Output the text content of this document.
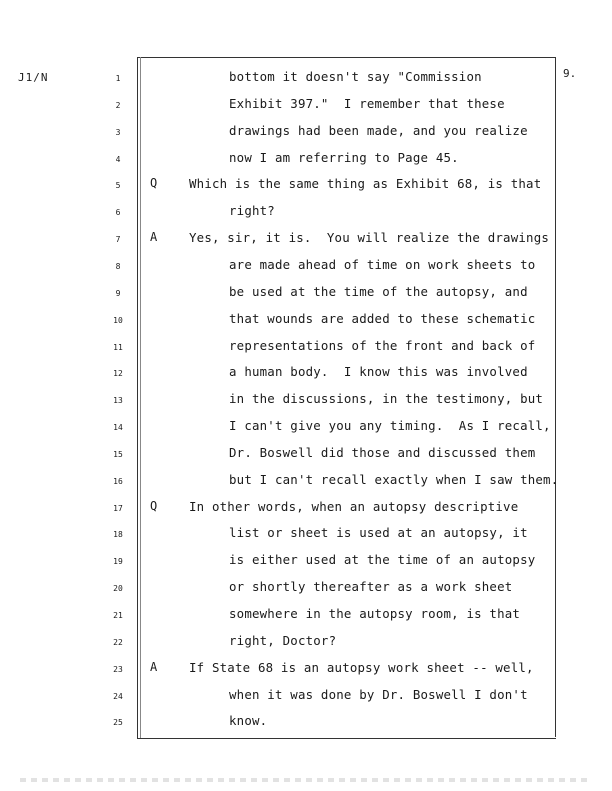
J1/N	9.
1	bottom it doesn't say "Commission
2	Exhibit 397."  I remember that these
3	drawings had been made, and you realize
4	now I am referring to Page 45.
5	Q	Which is the same thing as Exhibit 68, is that
6	right?
7	A	Yes, sir, it is.  You will realize the drawings
8	are made ahead of time on work sheets to
9	be used at the time of the autopsy, and
10	that wounds are added to these schematic
11	representations of the front and back of
12	a human body.  I know this was involved
13	in the discussions, in the testimony, but
14	I can't give you any timing.  As I recall,
15	Dr. Boswell did those and discussed them
16	but I can't recall exactly when I saw them.
17	Q	In other words, when an autopsy descriptive
18	list or sheet is used at an autopsy, it
19	is either used at the time of an autopsy
20	or shortly thereafter as a work sheet
21	somewhere in the autopsy room, is that
22	right, Doctor?
23	A	If State 68 is an autopsy work sheet -- well,
24	when it was done by Dr. Boswell I don't
25	know.
